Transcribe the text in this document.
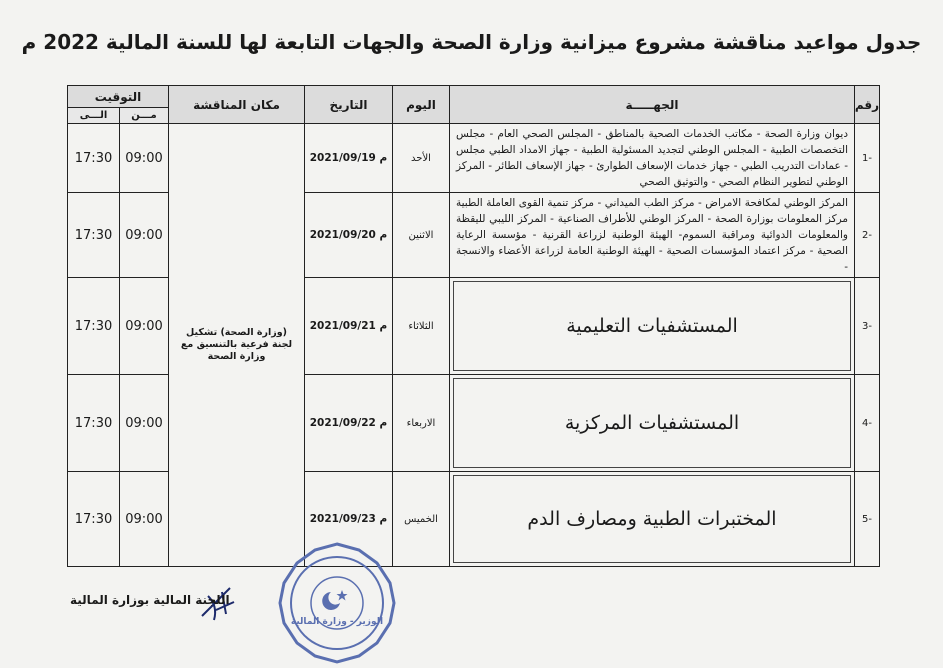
جدول مواعيد مناقشة مشروع ميزانية وزارة الصحة والجهات التابعة لها للسنة المالية 2022 م
رقم	الجهـــــة	اليوم	التاريخ	مكان المناقشة	التوقيت	
					مـــن	الـــى
-1	ديوان وزارة الصحة - مكاتب الخدمات الصحية بالمناطق - المجلس الصحي العام - مجلس التخصصات الطبية - المجلس الوطني لتجديد المسئولية الطبية - جهاز الامداد الطبي مجلس - عمادات التدريب الطبي - جهاز خدمات الإسعاف الطوارئ - جهاز الإسعاف الطائر - المركز الوطني لتطوير النظام الصحي - والتوثيق الصحي	الأحد	2021/09/19 م	(وزارة الصحة) تشكيل لجنة فرعية بالتنسيق مع وزارة الصحة	09:00	17:30
-2	المركز الوطني لمكافحة الامراض - مركز الطب الميداني - مركز تنمية القوى العاملة الطبية مركز المعلومات بوزارة الصحة - المركز الوطني للأطراف الصناعية - المركز الليبي لليقظة والمعلومات الدوائية ومراقبة السموم- الهيئة الوطنية لزراعة القرنية - مؤسسة الرعاية الصحية - مركز اعتماد المؤسسات الصحية - الهيئة الوطنية العامة لزراعة الأعضاء والانسجة -	الاثنين	2021/09/20 م		09:00	17:30
-3	المستشفيات التعليمية	الثلاثاء	2021/09/21 م		09:00	17:30
-4	المستشفيات المركزية	الاربعاء	2021/09/22 م		09:00	17:30
-5	المختبرات الطبية ومصارف الدم	الخميس	2021/09/23 م		09:00	17:30
اللجنة المالية بوزارة المالية
الوزير - وزارة المالية
